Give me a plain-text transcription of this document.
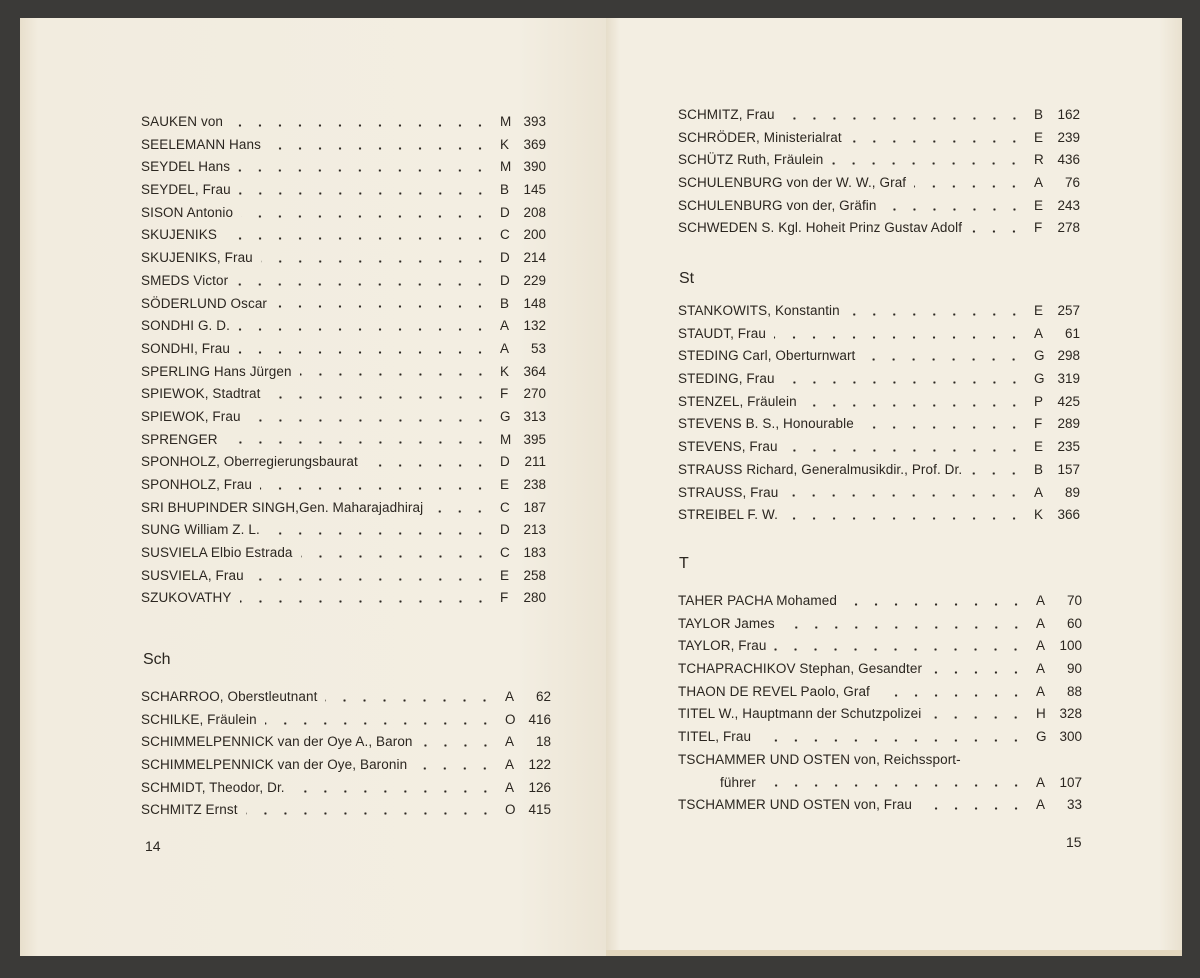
SAUKEN von	M 393
SEELEMANN Hans	K	369
SEYDEL Hans	M 390
SEYDEL, Frau	B	145
SISON Antonio	D	208
SKUJENIKS	C	200
SKUJENIKS, Frau	D	214
SMEDS Victor	D	229
SÖDERLUND Oscar	B	148
SONDHI G. D.	A	132
SONDHI, Frau	A	53
SPERLING Hans Jürgen	K	364
SPIEWOK, Stadtrat	F	270
SPIEWOK, Frau	G 313
SPRENGER	M 395
SPONHOLZ, Oberregierungsbaurat	D	211
SPONHOLZ, Frau	E	238
SRI BHUPINDER SINGH,Gen. Maharajadhiraj	C	187
SUNG William Z. L.	D	213
SUSVIELA Elbio Estrada	C	183
SUSVIELA, Frau	E	258
SZUKOVATHY	F	280
Sch
SCHARROO, Oberstleutnant	A	62
SCHILKE, Fräulein	O 416
SCHIMMELPENNICK van der Oye A., Baron	A	18
SCHIMMELPENNICK van der Oye, Baronin	A	122
SCHMIDT, Theodor, Dr.	A	126
SCHMITZ Ernst	O 415
14
SCHMITZ, Frau	B	162
SCHRÖDER, Ministerialrat	E	239
SCHÜTZ Ruth, Fräulein	R	436
SCHULENBURG von der W. W., Graf	A	76
SCHULENBURG von der, Gräfin	E	243
SCHWEDEN S. Kgl. Hoheit Prinz Gustav Adolf	F	278
St
STANKOWITS, Konstantin	E	257
STAUDT, Frau	A	61
STEDING Carl, Oberturnwart	G 298
STEDING, Frau	G 319
STENZEL, Fräulein	P	425
STEVENS B. S., Honourable	F	289
STEVENS, Frau	E	235
STRAUSS Richard, Generalmusikdir., Prof. Dr.	B	157
STRAUSS, Frau	A	89
STREIBEL F. W.	K	366
T
TAHER PACHA Mohamed	A	70
TAYLOR James	A	60
TAYLOR, Frau	A	100
TCHAPRACHIKOV Stephan, Gesandter	A	90
THAON DE REVEL Paolo, Graf	A	88
TITEL W., Hauptmann der Schutzpolizei	H	328
TITEL, Frau	G 300
TSCHAMMER UND OSTEN von, Reichssport-
führer	A	107
TSCHAMMER UND OSTEN von, Frau	A	33
15
